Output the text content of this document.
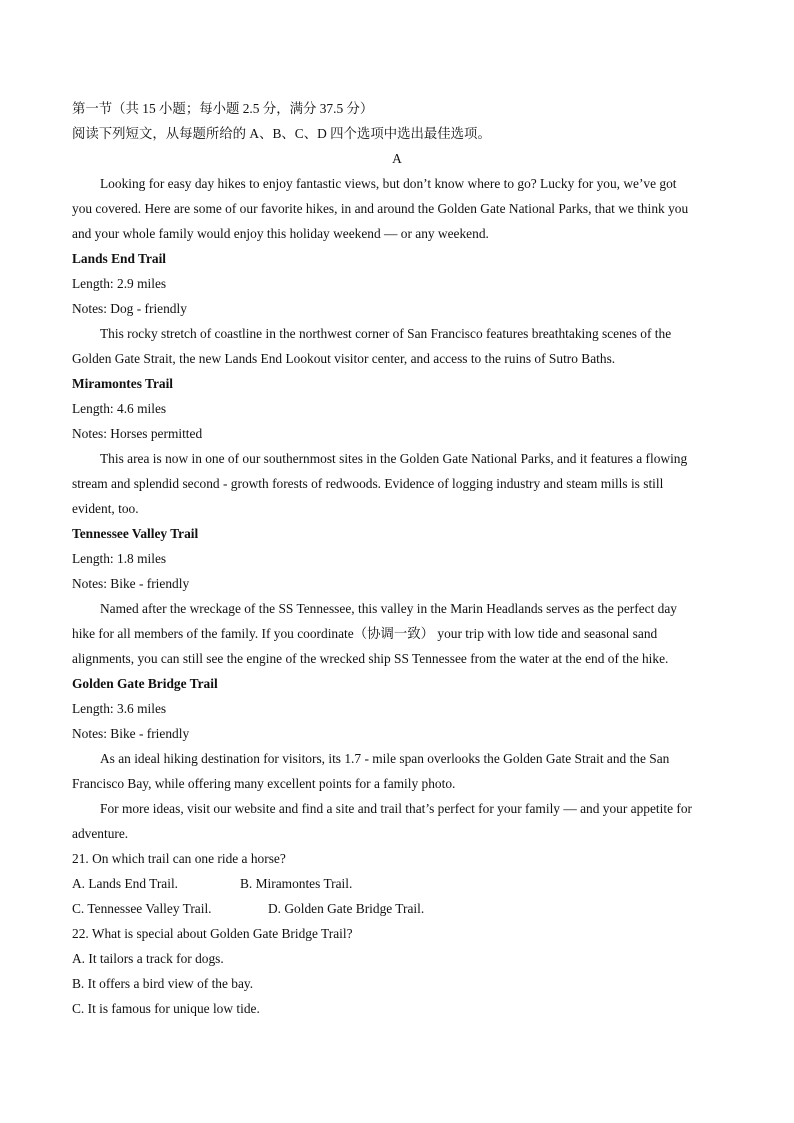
第一节（共 15 小题；每小题 2.5 分，满分 37.5 分）
阅读下列短文，从每题所给的 A、B、C、D 四个选项中选出最佳选项。
A
Looking for easy day hikes to enjoy fantastic views, but don’t know where to go? Lucky for you, we’ve got
you covered. Here are some of our favorite hikes, in and around the Golden Gate National Parks, that we think you
and your whole family would enjoy this holiday weekend — or any weekend.
Lands End Trail
Length: 2.9 miles
Notes: Dog - friendly
This rocky stretch of coastline in the northwest corner of San Francisco features breathtaking scenes of the
Golden Gate Strait, the new Lands End Lookout visitor center, and access to the ruins of Sutro Baths.
Miramontes Trail
Length: 4.6 miles
Notes: Horses permitted
This area is now in one of our southernmost sites in the Golden Gate National Parks, and it features a flowing
stream and splendid second - growth forests of redwoods. Evidence of logging industry and steam mills is still
evident, too.
Tennessee Valley Trail
Length: 1.8 miles
Notes: Bike - friendly
Named after the wreckage of the SS Tennessee, this valley in the Marin Headlands serves as the perfect day
hike for all members of the family. If you coordinate（协调一致） your trip with low tide and seasonal sand
alignments, you can still see the engine of the wrecked ship SS Tennessee from the water at the end of the hike.
Golden Gate Bridge Trail
Length: 3.6 miles
Notes: Bike - friendly
As an ideal hiking destination for visitors, its 1.7 - mile span overlooks the Golden Gate Strait and the San
Francisco Bay, while offering many excellent points for a family photo.
For more ideas, visit our website and find a site and trail that’s perfect for your family — and your appetite for
adventure.
21. On which trail can one ride a horse?
A. Lands End Trail.	B. Miramontes Trail.
C. Tennessee Valley Trail.	D. Golden Gate Bridge Trail.
22. What is special about Golden Gate Bridge Trail?
A. It tailors a track for dogs.
B. It offers a bird view of the bay.
C. It is famous for unique low tide.
